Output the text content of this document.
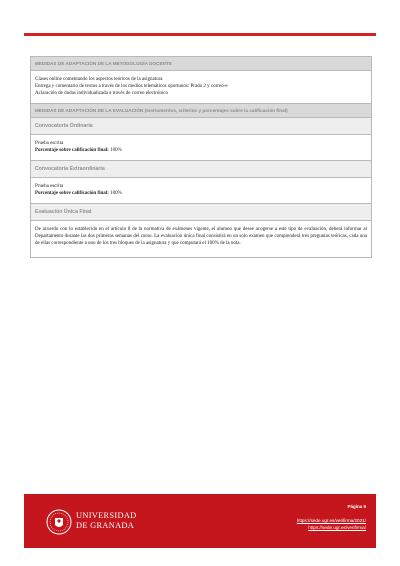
MEDIDAS DE ADAPTACIÓN DE LA METODOLOGÍA DOCENTE
Clases online comentando los aspectos teóricos de la asignatura
Entrega y comentario de textos a través de los medios telemáticos oportunos: Prado 2 y correo-e
Aclaración de dudas individualizada a través de correo electrónico
MEDIDAS DE ADAPTACIÓN DE LA EVALUACIÓN (Instrumentos, criterios y porcentajes sobre la calificación final)
Convocatoria Ordinaria
Prueba escrita
Porcentaje sobre calificación final: 100%
Convocatoria Extraordinaria
Prueba escrita
Porcentaje sobre calificación final: 100%
Evaluación Única Final
De acuerdo con lo establecido en el artículo 8 de la normativa de exámenes vigente, el alumno que desee acogerse a este tipo de evaluación, deberá informar al Departamento durante las dos primeras semanas del curso. La evaluación única final consistirá en un solo examen que comprenderá tres preguntas teóricas, cada una de ellas correspondiente a uno de los tres bloques de la asignatura y que computará el 100% de la nota.
UNIVERSIDAD
DE GRANADA
Página 9
https://sede.ugr.es/verifirma/2021/
https://sede.ugr.es/verifirma/
